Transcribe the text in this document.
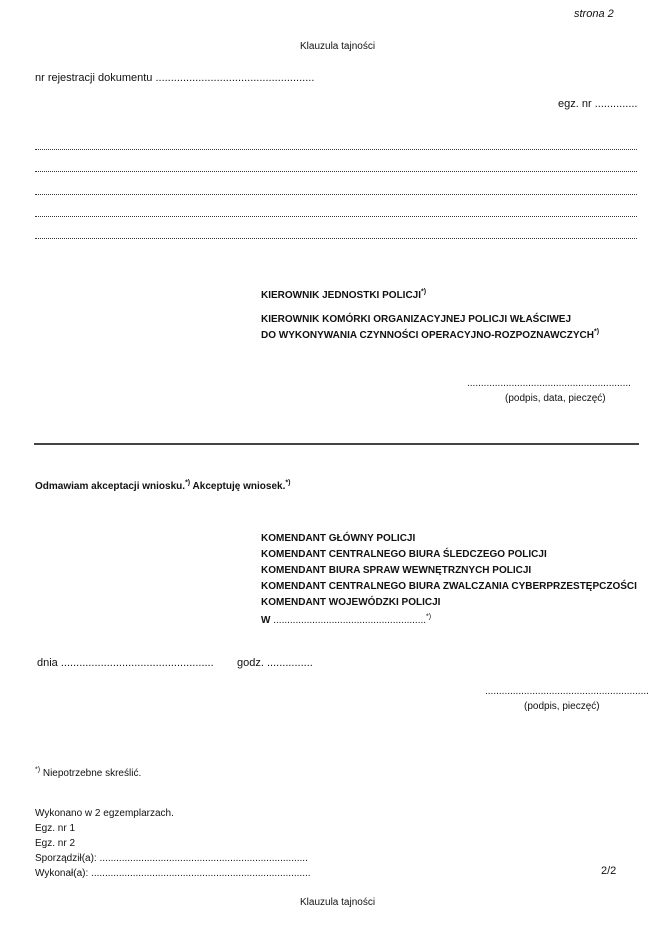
strona 2
Klauzula tajności
nr rejestracji dokumentu ....................................................
egz. nr ..............
KIEROWNIK JEDNOSTKI POLICJI*)
KIEROWNIK KOMÓRKI ORGANIZACYJNEJ POLICJI WŁAŚCIWEJ
DO WYKONYWANIA CZYNNOŚCI OPERACYJNO-ROZPOZNAWCZYCH*)
...........................................................
(podpis, data, pieczęć)
Odmawiam akceptacji wniosku.*) Akceptuję wniosek.*)
KOMENDANT GŁÓWNY POLICJI
KOMENDANT CENTRALNEGO BIURA ŚLEDCZEGO POLICJI
KOMENDANT BIURA SPRAW WEWNĘTRZNYCH POLICJI
KOMENDANT CENTRALNEGO BIURA ZWALCZANIA CYBERPRZESTĘPCZOŚCI
KOMENDANT WOJEWÓDZKI POLICJI
W .......................................................*)
dnia .................................................. godz. ...............
...........................................................
(podpis, pieczęć)
*) Niepotrzebne skreślić.
Wykonano w 2 egzemplarzach.
Egz. nr 1
Egz. nr 2
Sporządził(a): ...........................................................................
Wykonał(a): ...............................................................................	2/2
Klauzula tajności
